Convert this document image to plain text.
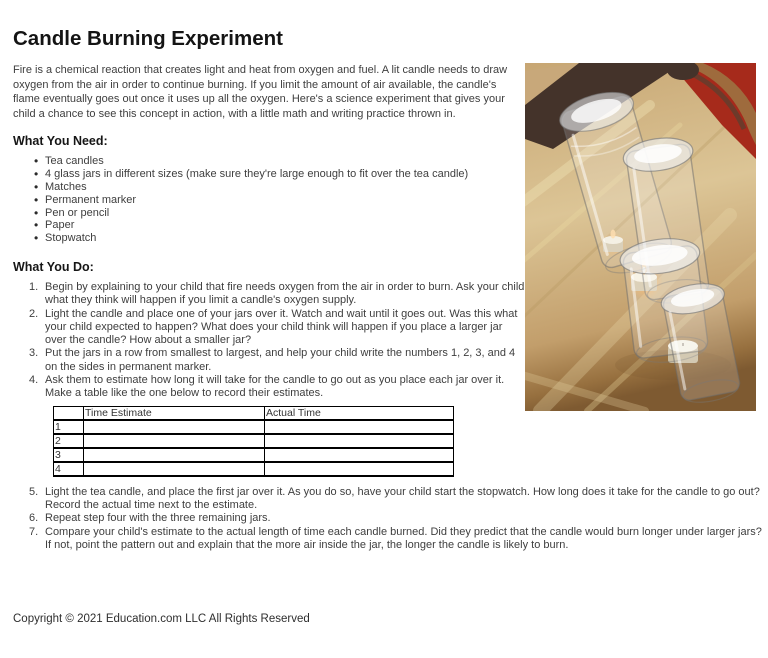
Candle Burning Experiment

Fire is a chemical reaction that creates light and heat from oxygen and fuel. A lit candle needs to draw oxygen from the air in order to continue burning. If you limit the amount of air available, the candle's flame eventually goes out once it uses up all the oxygen. Here's a science experiment that gives your child a chance to see this concept in action, with a little math and writing practice thrown in.

What You Need:
• Tea candles
• 4 glass jars in different sizes (make sure they're large enough to fit over the tea candle)
• Matches
• Permanent marker
• Pen or pencil
• Paper
• Stopwatch
What You Do:
1. Begin by explaining to your child that fire needs oxygen from the air in order to burn. Ask your child what they think will happen if you limit a candle's oxygen supply.
2. Light the candle and place one of your jars over it. Watch and wait until it goes out. Was this what your child expected to happen? What does your child think will happen if you place a larger jar over the candle? How about a smaller jar?
3. Put the jars in a row from smallest to largest, and help your child write the numbers 1, 2, 3, and 4 on the sides in permanent marker.
4. Ask them to estimate how long it will take for the candle to go out as you place each jar over it. Make a table like the one below to record their estimates.
	Time Estimate	Actual Time
1		
2		
3		
4		
5. Light the tea candle, and place the first jar over it. As you do so, have your child start the stopwatch. How long does it take for the candle to go out? Record the actual time next to the estimate.
6. Repeat step four with the three remaining jars.
7. Compare your child's estimate to the actual length of time each candle burned. Did they predict that the candle would burn longer under larger jars? If not, point the pattern out and explain that the more air inside the jar, the longer the candle is likely to burn.
Copyright © 2021 Education.com LLC All Rights Reserved
